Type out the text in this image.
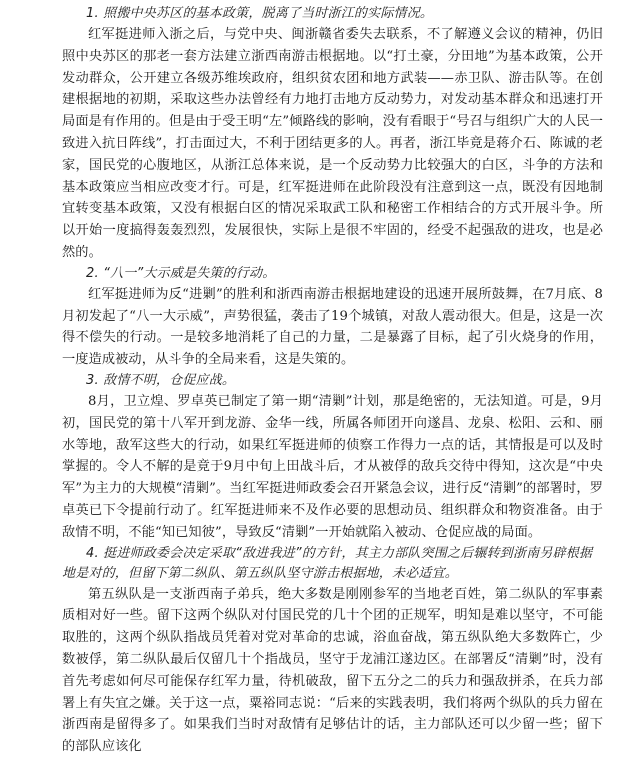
1. 照搬中央苏区的基本政策，脱离了当时浙江的实际情况。

红军挺进师入浙之后，与党中央、闽浙赣省委失去联系，不了解遵义会议的精神，仍旧照中央苏区的那老一套方法建立浙西南游击根据地。以“打土豪，分田地”为基本政策，公开发动群众，公开建立各级苏维埃政府，组织贫农团和地方武装——赤卫队、游击队等。在创建根据地的初期，采取这些办法曾经有力地打击地方反动势力，对发动基本群众和迅速打开局面是有作用的。但是由于受王明“左”倾路线的影响，没有看眼于“号召与组织广大的人民一致进入抗日阵线”，打击面过大，不利于团结更多的人。再者，浙江毕竟是蒋介石、陈诚的老家，国民党的心腹地区，从浙江总体来说，是一个反动势力比较强大的白区，斗争的方法和基本政策应当相应改变才行。可是，红军挺进师在此阶段没有注意到这一点，既没有因地制宜转变基本政策，又没有根据白区的情况采取武工队和秘密工作相结合的方式开展斗争。所以开始一度搞得轰轰烈烈，发展很快，实际上是很不牢固的，经受不起强敌的进攻，也是必然的。

2. “八一”大示威是失策的行动。

红军挺进师为反“进剿”的胜利和浙西南游击根据地建设的迅速开展所鼓舞，在7月底、8月初发起了“八一大示威”，声势很猛，袭击了19个城镇，对敌人震动很大。但是，这是一次得不偿失的行动。一是较多地消耗了自己的力量，二是暴露了目标，起了引火烧身的作用，一度造成被动，从斗争的全局来看，这是失策的。

3. 敌情不明，仓促应战。

8月，卫立煌、罗卓英已制定了第一期“清剿”计划，那是绝密的，无法知道。可是，9月初，国民党的第十八军开到龙游、金华一线，所属各师团开向遂昌、龙泉、松阳、云和、丽水等地，敌军这些大的行动，如果红军挺进师的侦察工作得力一点的话，其情报是可以及时掌握的。令人不解的是竟于9月中旬上田战斗后，才从被俘的敌兵交待中得知，这次是“中央军”为主力的大规模“清剿”。当红军挺进师政委会召开紧急会议，进行反“清剿”的部署时，罗卓英已下令提前行动了。红军挺进师来不及作必要的思想动员、组织群众和物资准备。由于敌情不明，不能“知已知彼”，导致反“清剿”一开始就陷入被动、仓促应战的局面。

4. 挺进师政委会决定采取“敌进我进”的方针，其主力部队突围之后辗转到浙南另辟根据地是对的，但留下第二纵队、第五纵队坚守游击根据地，未必适宜。

第五纵队是一支浙西南子弟兵，绝大多数是刚刚参军的当地老百姓，第二纵队的军事素质相对好一些。留下这两个纵队对付国民党的几十个团的正规军，明知是难以坚守，不可能取胜的，这两个纵队指战员凭着对党对革命的忠诚，浴血奋战，第五纵队绝大多数阵亡，少数被俘，第二纵队最后仅留几十个指战员，坚守于龙浦江遂边区。在部署反“清剿”时，没有首先考虑如何尽可能保存红军力量，待机破敌，留下五分之二的兵力和强敌拼杀，在兵力部署上有失宜之嫌。关于这一点，粟裕同志说：“后来的实践表明，我们将两个纵队的兵力留在浙西南是留得多了。如果我们当时对敌情有足够估计的话，主力部队还可以少留一些；留下的部队应该化
